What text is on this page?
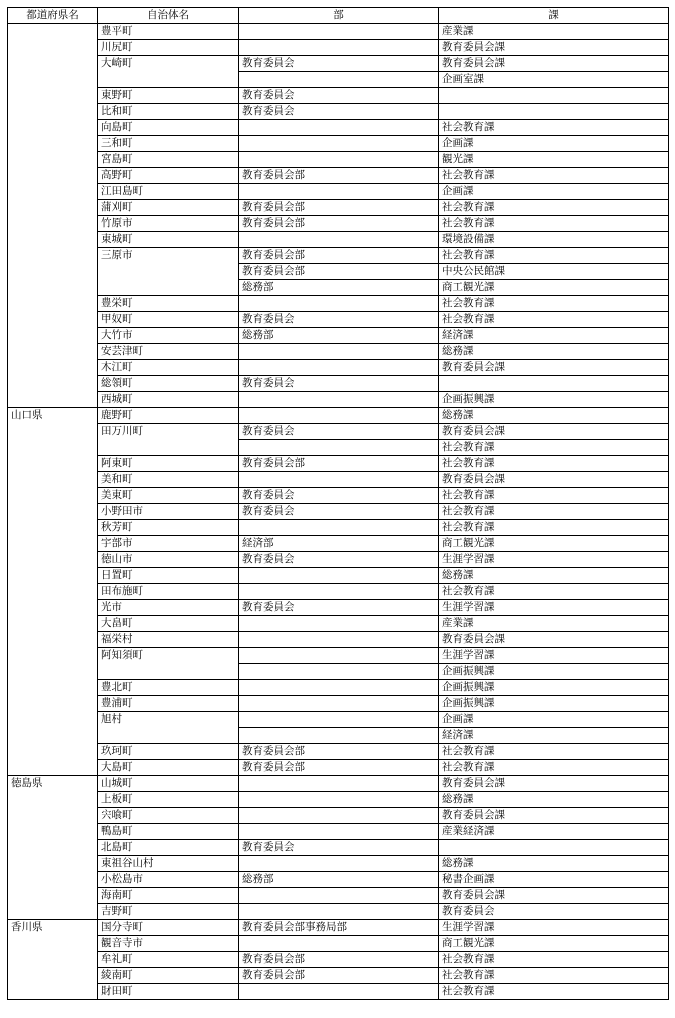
都道府県名	自治体名	部	課
	豊平町		産業課
	川尻町		教育委員会課
	大崎町	教育委員会	教育委員会課
			企画室課
	東野町	教育委員会	
	比和町	教育委員会	
	向島町		社会教育課
	三和町		企画課
	宮島町		観光課
	高野町	教育委員会部	社会教育課
	江田島町		企画課
	蒲刈町	教育委員会部	社会教育課
	竹原市	教育委員会部	社会教育課
	東城町		環境設備課
	三原市	教育委員会部	社会教育課
		教育委員会部	中央公民館課
		総務部	商工観光課
	豊栄町		社会教育課
	甲奴町	教育委員会	社会教育課
	大竹市	総務部	経済課
	安芸津町		総務課
	木江町		教育委員会課
	総領町	教育委員会	
	西城町		企画振興課
山口県	鹿野町		総務課
	田万川町	教育委員会	教育委員会課
			社会教育課
	阿東町	教育委員会部	社会教育課
	美和町		教育委員会課
	美東町	教育委員会	社会教育課
	小野田市	教育委員会	社会教育課
	秋芳町		社会教育課
	宇部市	経済部	商工観光課
	徳山市	教育委員会	生涯学習課
	日置町		総務課
	田布施町		社会教育課
	光市	教育委員会	生涯学習課
	大畠町		産業課
	福栄村		教育委員会課
	阿知須町		生涯学習課
			企画振興課
	豊北町		企画振興課
	豊浦町		企画振興課
	旭村		企画課
			経済課
	玖珂町	教育委員会部	社会教育課
	大島町	教育委員会部	社会教育課
徳島県	山城町		教育委員会課
	上板町		総務課
	宍喰町		教育委員会課
	鴨島町		産業経済課
	北島町	教育委員会	
	東祖谷山村		総務課
	小松島市	総務部	秘書企画課
	海南町		教育委員会課
	吉野町		教育委員会
香川県	国分寺町	教育委員会部事務局部	生涯学習課
	観音寺市		商工観光課
	牟礼町	教育委員会部	社会教育課
	綾南町	教育委員会部	社会教育課
	財田町		社会教育課
